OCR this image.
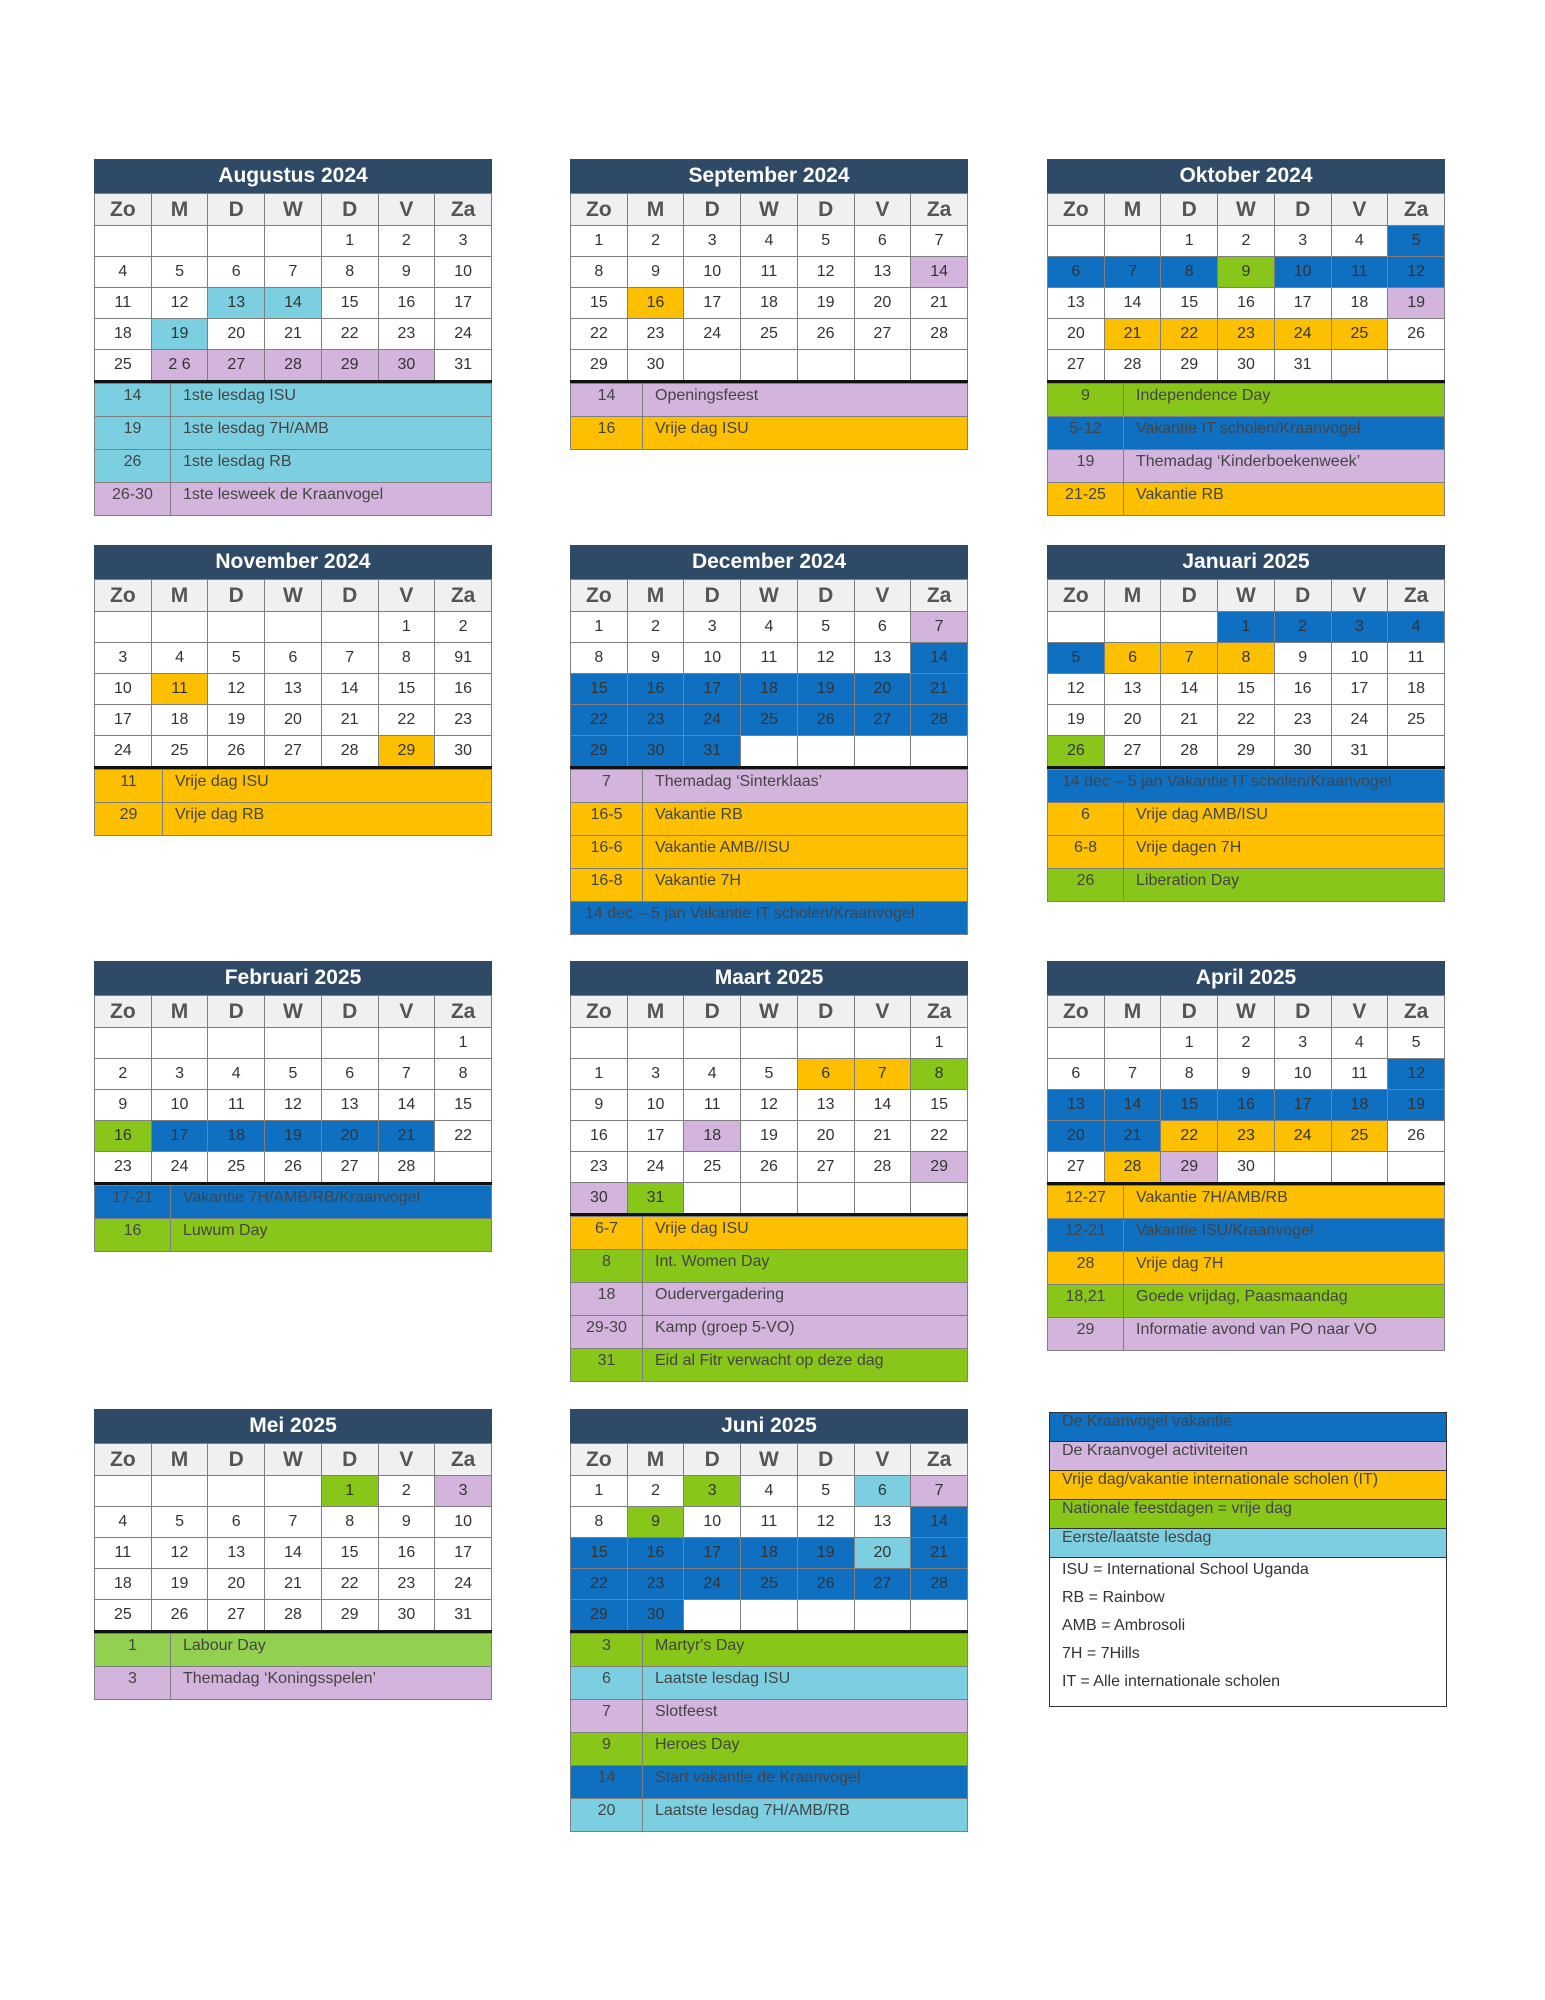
Augustus 2024
Zo	M	D	W	D	V	Za
				1	2	3
4	5	6	7	8	9	10
11	12	13	14	15	16	17
18	19	20	21	22	23	24
25	2 6	27	28	29	30	31
14	1ste lesdag ISU
19	1ste lesdag 7H/AMB
26	1ste lesdag RB
26-30	1ste lesweek de Kraanvogel
September 2024
Zo	M	D	W	D	V	Za
1	2	3	4	5	6	7
8	9	10	11	12	13	14
15	16	17	18	19	20	21
22	23	24	25	26	27	28
29	30					
14	Openingsfeest
16	Vrije dag ISU
Oktober 2024
Zo	M	D	W	D	V	Za
		1	2	3	4	5
6	7	8	9	10	11	12
13	14	15	16	17	18	19
20	21	22	23	24	25	26
27	28	29	30	31		
9	Independence Day
5-12	Vakantie IT scholen/Kraanvogel
19	Themadag ‘Kinderboekenweek’
21-25	Vakantie RB
November 2024
Zo	M	D	W	D	V	Za
					1	2
3	4	5	6	7	8	91
10	11	12	13	14	15	16
17	18	19	20	21	22	23
24	25	26	27	28	29	30
11	Vrije dag ISU
29	Vrije dag RB
December 2024
Zo	M	D	W	D	V	Za
1	2	3	4	5	6	7
8	9	10	11	12	13	14
15	16	17	18	19	20	21
22	23	24	25	26	27	28
29	30	31				
7	Themadag ‘Sinterklaas’
16-5	Vakantie RB
16-6	Vakantie AMB//ISU
16-8	Vakantie 7H
14 dec – 5 jan Vakantie IT scholen/Kraanvogel	
Januari 2025
Zo	M	D	W	D	V	Za
			1	2	3	4
5	6	7	8	9	10	11
12	13	14	15	16	17	18
19	20	21	22	23	24	25
26	27	28	29	30	31	
14 dec – 5 jan Vakantie IT scholen/Kraanvogel	
6	Vrije dag AMB/ISU
6-8	Vrije dagen 7H
26	Liberation Day
Februari 2025
Zo	M	D	W	D	V	Za
						1
2	3	4	5	6	7	8
9	10	11	12	13	14	15
16	17	18	19	20	21	22
23	24	25	26	27	28	
17-21	Vakantie 7H/AMB/RB/Kraanvogel
16	Luwum Day
Maart 2025
Zo	M	D	W	D	V	Za
						1
1	3	4	5	6	7	8
9	10	11	12	13	14	15
16	17	18	19	20	21	22
23	24	25	26	27	28	29
30	31					
6-7	Vrije dag ISU
8	Int. Women Day
18	Oudervergadering
29-30	Kamp (groep 5-VO)
31	Eid al Fitr verwacht op deze dag
April 2025
Zo	M	D	W	D	V	Za
		1	2	3	4	5
6	7	8	9	10	11	12
13	14	15	16	17	18	19
20	21	22	23	24	25	26
27	28	29	30			
12-27	Vakantie 7H/AMB/RB
12-21	Vakantie ISU/Kraanvogel
28	Vrije dag 7H
18,21	Goede vrijdag, Paasmaandag
29	Informatie avond van PO naar VO
Mei 2025
Zo	M	D	W	D	V	Za
				1	2	3
4	5	6	7	8	9	10
11	12	13	14	15	16	17
18	19	20	21	22	23	24
25	26	27	28	29	30	31
1	Labour Day
3	Themadag ‘Koningsspelen’
Juni 2025
Zo	M	D	W	D	V	Za
1	2	3	4	5	6	7
8	9	10	11	12	13	14
15	16	17	18	19	20	21
22	23	24	25	26	27	28
29	30					
3	Martyr's Day
6	Laatste lesdag ISU
7	Slotfeest
9	Heroes Day
14	Start vakantie de Kraanvogel
20	Laatste lesdag 7H/AMB/RB
De Kraanvogel vakantie
De Kraanvogel activiteiten
Vrije dag/vakantie internationale scholen (IT)
Nationale feestdagen = vrije dag
Eerste/laatste lesdag
ISU = International School Uganda
RB = Rainbow
AMB = Ambrosoli
7H = 7Hills
IT = Alle internationale scholen
